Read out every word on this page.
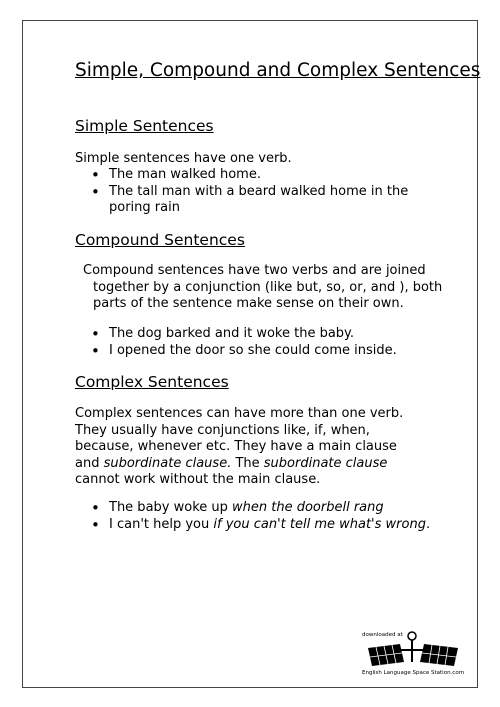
Simple, Compound and Complex Sentences
Simple Sentences

Simple sentences have one verb.

• The man walked home.
• The tall man with a beard walked home in the poring rain
Compound Sentences

Compound sentences have two verbs and are joined together by a conjunction (like but, so, or, and ), both parts of the sentence make sense on their own.

• The dog barked and it woke the baby.
• I opened the door so she could come inside.
Complex Sentences

Complex sentences can have more than one verb. They usually have conjunctions like, if, when, because, whenever etc. They have a main clause and subordinate clause. The subordinate clause cannot work without the main clause.

• The baby woke up when the doorbell rang
• I can't help you if you can't tell me what's wrong.
downloaded at
English Language Space Station.com
